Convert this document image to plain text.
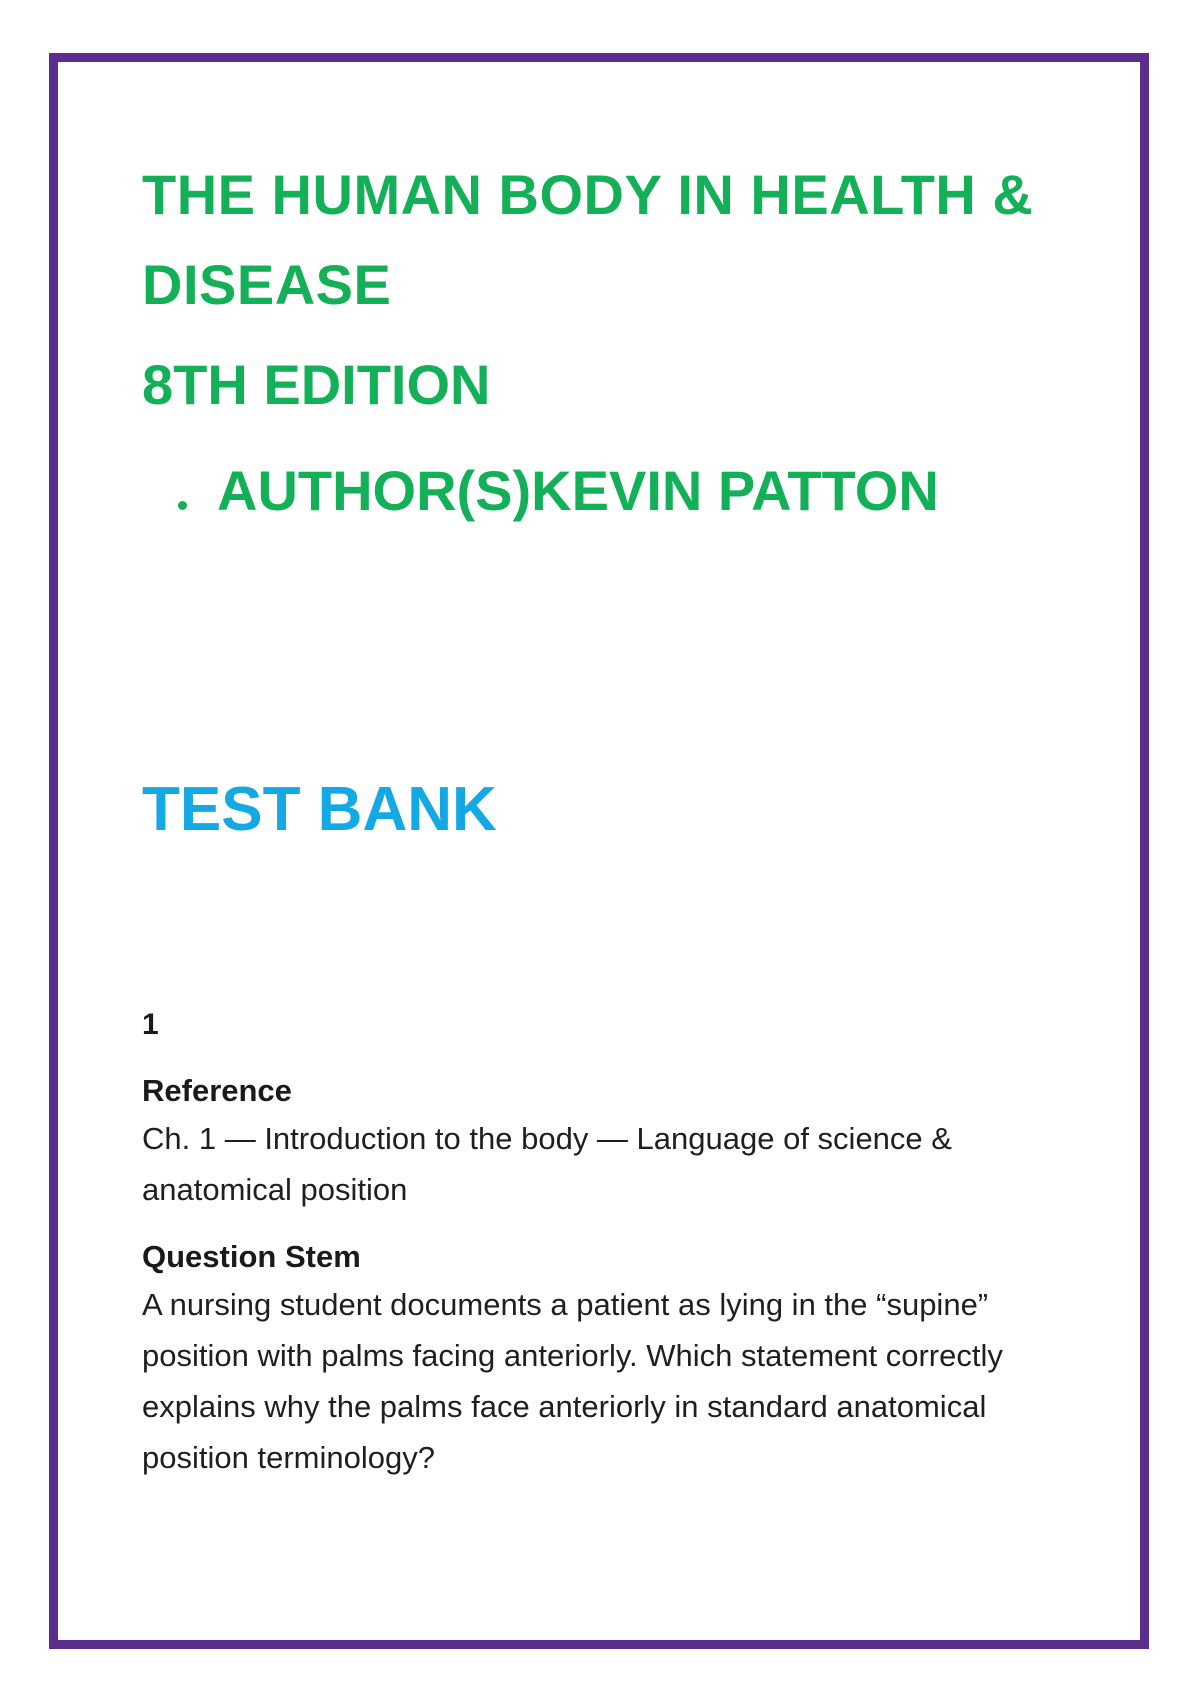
THE HUMAN BODY IN HEALTH & DISEASE
8TH EDITION
AUTHOR(S)KEVIN PATTON
TEST BANK

1

Reference

Ch. 1 — Introduction to the body — Language of science & anatomical position

Question Stem

A nursing student documents a patient as lying in the “supine” position with palms facing anteriorly. Which statement correctly explains why the palms face anteriorly in standard anatomical position terminology?
